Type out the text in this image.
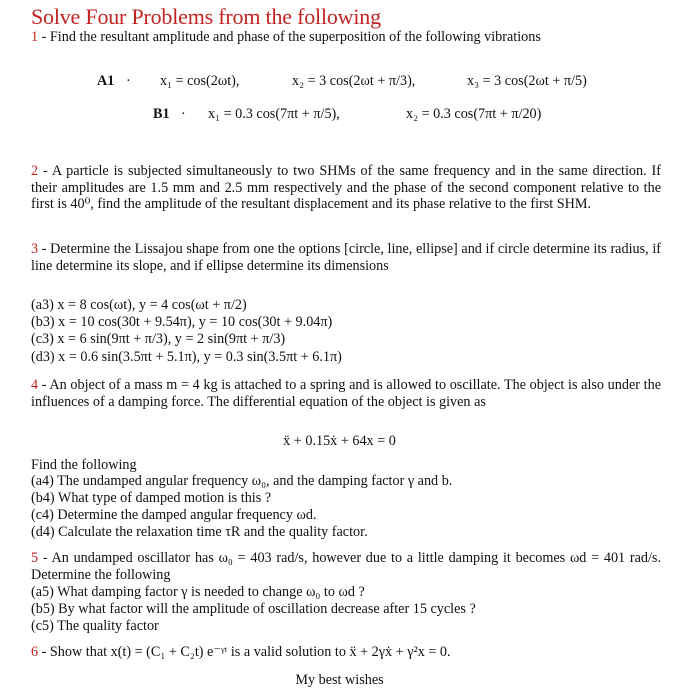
Solve Four Problems from the following
1 - Find the resultant amplitude and phase of the superposition of the following vibrations
A1 · x₁ = cos(2ωt),	x₂ = 3 cos(2ωt + π/3),	x₃ = 3 cos(2ωt + π/5)
B1 · x₁ = 0.3 cos(7πt + π/5),	x₂ = 0.3 cos(7πt + π/20)
2 - A particle is subjected simultaneously to two SHMs of the same frequency and in the same direction. If their amplitudes are 1.5 mm and 2.5 mm respectively and the phase of the second component relative to the first is 40⁰, find the amplitude of the resultant displacement and its phase relative to the first SHM.
3 - Determine the Lissajou shape from one the options [circle, line, ellipse] and if circle determine its radius, if line determine its slope, and if ellipse determine its dimensions
(a3) x = 8 cos(ωt), y = 4 cos(ωt + π/2)
(b3) x = 10 cos(30t + 9.54π), y = 10 cos(30t + 9.04π)
(c3) x = 6 sin(9πt + π/3), y = 2 sin(9πt + π/3)
(d3) x = 0.6 sin(3.5πt + 5.1π), y = 0.3 sin(3.5πt + 6.1π)
4 - An object of a mass m = 4 kg is attached to a spring and is allowed to oscillate. The object is also under the influences of a damping force. The differential equation of the object is given as
ẍ + 0.15ẋ + 64x = 0
Find the following
(a4) The undamped angular frequency ω₀, and the damping factor γ and b.
(b4) What type of damped motion is this ?
(c4) Determine the damped angular frequency ωd.
(d4) Calculate the relaxation time τR and the quality factor.
5 - An undamped oscillator has ω₀ = 403 rad/s, however due to a little damping it becomes ωd = 401 rad/s. Determine the following
(a5) What damping factor γ is needed to change ω₀ to ωd ?
(b5) By what factor will the amplitude of oscillation decrease after 15 cycles ?
(c5) The quality factor
6 - Show that x(t) = (C₁ + C₂t) e⁻ᵞᵗ is a valid solution to ẍ + 2γẋ + γ²x = 0.
My best wishes
